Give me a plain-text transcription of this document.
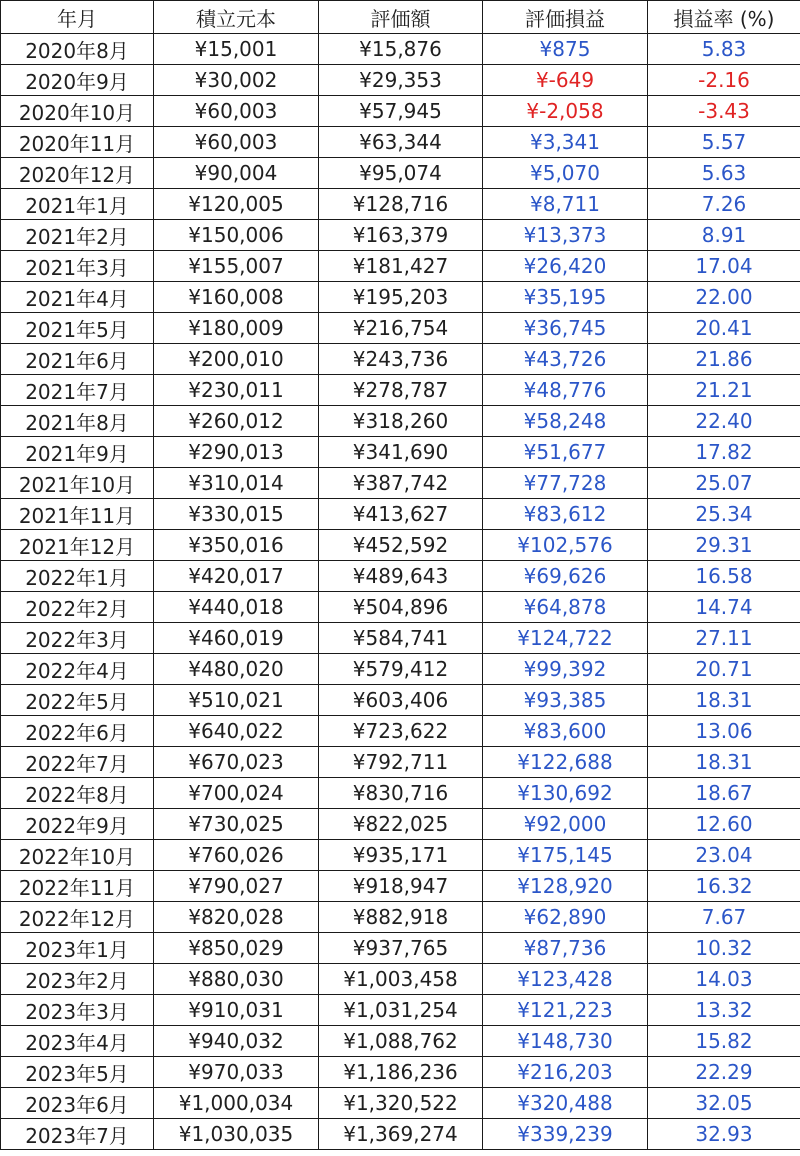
年月	積立元本	評価額	評価損益	損益率 (%)
2020年8月	¥15,001	¥15,876	¥875	5.83
2020年9月	¥30,002	¥29,353	¥-649	-2.16
2020年10月	¥60,003	¥57,945	¥-2,058	-3.43
2020年11月	¥60,003	¥63,344	¥3,341	5.57
2020年12月	¥90,004	¥95,074	¥5,070	5.63
2021年1月	¥120,005	¥128,716	¥8,711	7.26
2021年2月	¥150,006	¥163,379	¥13,373	8.91
2021年3月	¥155,007	¥181,427	¥26,420	17.04
2021年4月	¥160,008	¥195,203	¥35,195	22.00
2021年5月	¥180,009	¥216,754	¥36,745	20.41
2021年6月	¥200,010	¥243,736	¥43,726	21.86
2021年7月	¥230,011	¥278,787	¥48,776	21.21
2021年8月	¥260,012	¥318,260	¥58,248	22.40
2021年9月	¥290,013	¥341,690	¥51,677	17.82
2021年10月	¥310,014	¥387,742	¥77,728	25.07
2021年11月	¥330,015	¥413,627	¥83,612	25.34
2021年12月	¥350,016	¥452,592	¥102,576	29.31
2022年1月	¥420,017	¥489,643	¥69,626	16.58
2022年2月	¥440,018	¥504,896	¥64,878	14.74
2022年3月	¥460,019	¥584,741	¥124,722	27.11
2022年4月	¥480,020	¥579,412	¥99,392	20.71
2022年5月	¥510,021	¥603,406	¥93,385	18.31
2022年6月	¥640,022	¥723,622	¥83,600	13.06
2022年7月	¥670,023	¥792,711	¥122,688	18.31
2022年8月	¥700,024	¥830,716	¥130,692	18.67
2022年9月	¥730,025	¥822,025	¥92,000	12.60
2022年10月	¥760,026	¥935,171	¥175,145	23.04
2022年11月	¥790,027	¥918,947	¥128,920	16.32
2022年12月	¥820,028	¥882,918	¥62,890	7.67
2023年1月	¥850,029	¥937,765	¥87,736	10.32
2023年2月	¥880,030	¥1,003,458	¥123,428	14.03
2023年3月	¥910,031	¥1,031,254	¥121,223	13.32
2023年4月	¥940,032	¥1,088,762	¥148,730	15.82
2023年5月	¥970,033	¥1,186,236	¥216,203	22.29
2023年6月	¥1,000,034	¥1,320,522	¥320,488	32.05
2023年7月	¥1,030,035	¥1,369,274	¥339,239	32.93
